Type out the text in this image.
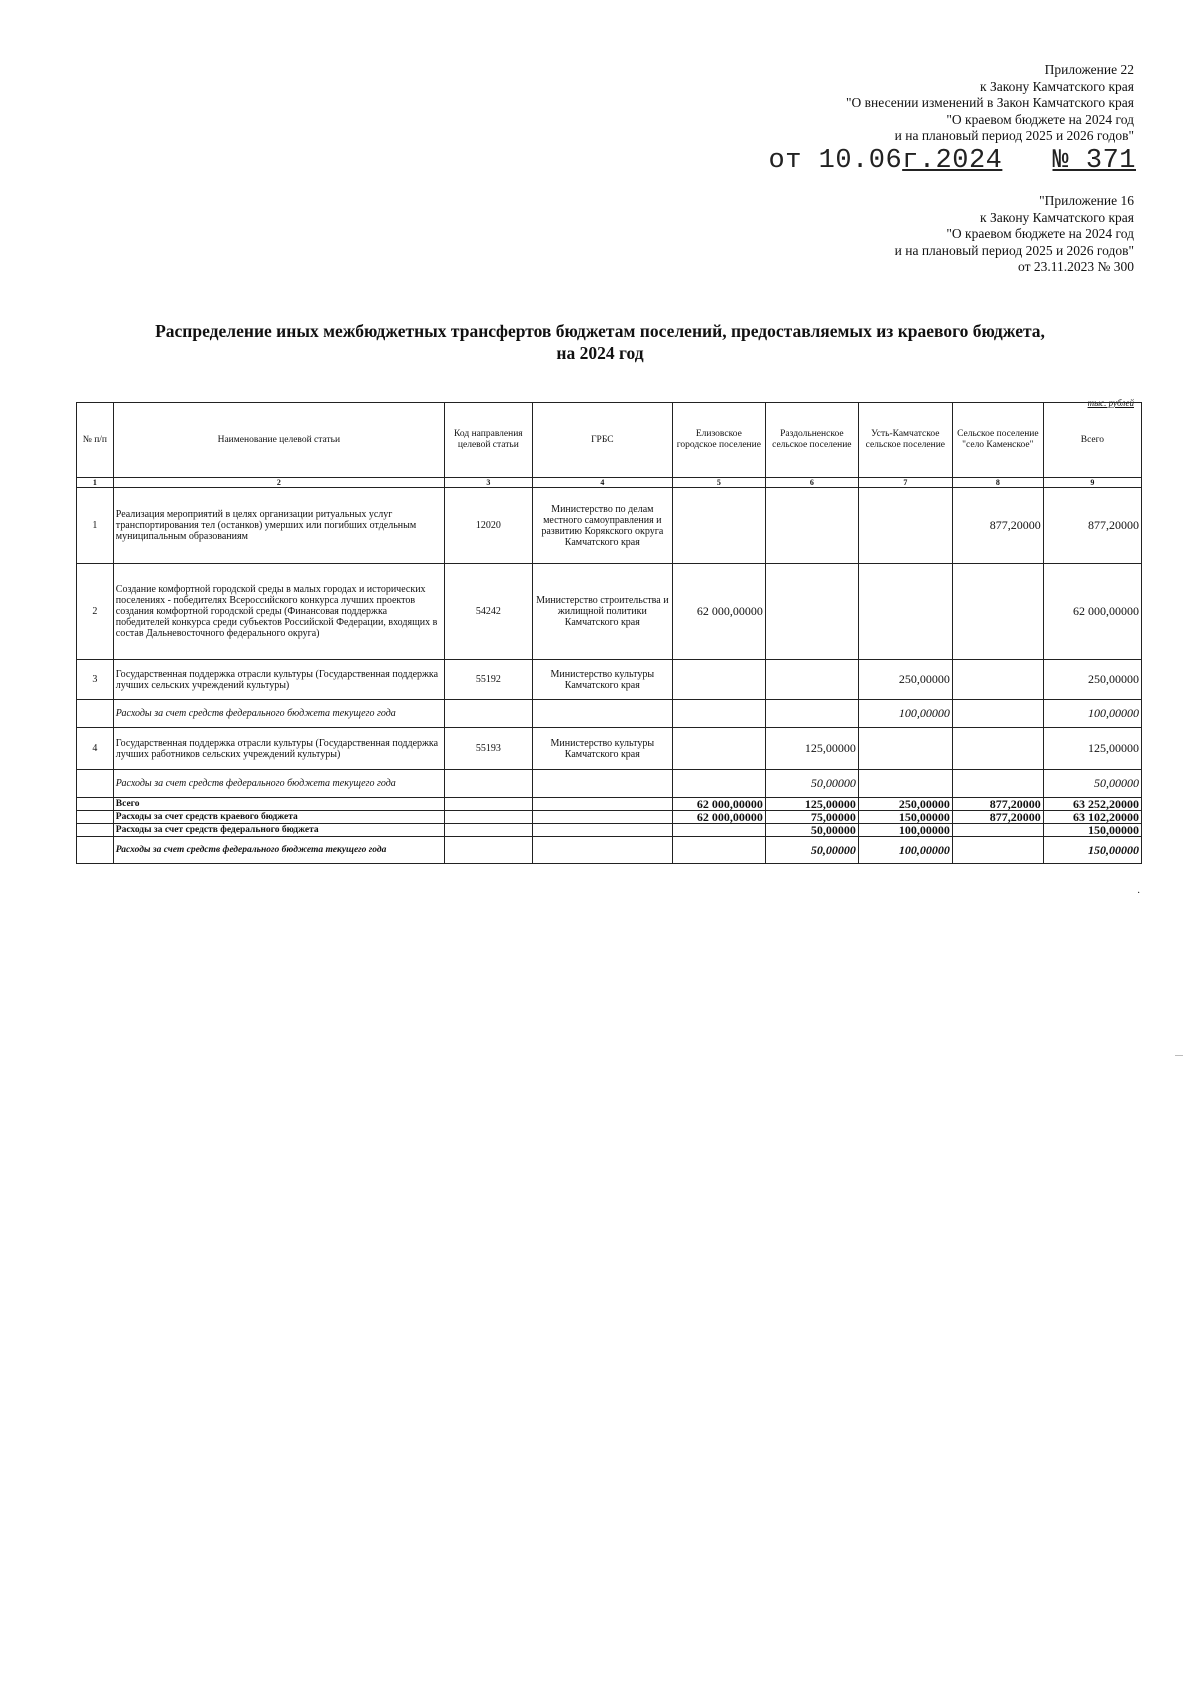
Приложение 22
к Закону Камчатского края
"О внесении изменений в Закон Камчатского края
"О краевом бюджете на 2024 год
и на плановый период 2025 и 2026 годов"
от 10.06г.2024 № 371
"Приложение 16
к Закону Камчатского края
"О краевом бюджете на 2024 год
и на плановый период 2025 и 2026 годов"
от 23.11.2023 № 300
Распределение иных межбюджетных трансфертов бюджетам поселений, предоставляемых из краевого бюджета,
на 2024 год
тыс. рублей
№ п/п	Наименование целевой статьи	Код направления целевой статьи	ГРБС	Елизовское городское поселение	Раздольненское сельское поселение	Усть-Камчатское сельское поселение	Сельское поселение "село Каменское"	Всего
1	2	3	4	5	6	7	8	9
1	Реализация мероприятий в целях организации ритуальных услуг транспортирования тел (останков) умерших или погибших отдельным муниципальным образованиям	12020	Министерство по делам местного самоуправления и развитию Корякского округа Камчатского края				877,20000	877,20000
2	Создание комфортной городской среды в малых городах и исторических поселениях - победителях Всероссийского конкурса лучших проектов создания комфортной городской среды (Финансовая поддержка победителей конкурса среди субъектов Российской Федерации, входящих в состав Дальневосточного федерального округа)	54242	Министерство строительства и жилищной политики Камчатского края	62 000,00000				62 000,00000
3	Государственная поддержка отрасли культуры (Государственная поддержка лучших сельских учреждений культуры)	55192	Министерство культуры Камчатского края			250,00000		250,00000
	Расходы за счет средств федерального бюджета текущего года					100,00000		100,00000
4	Государственная поддержка отрасли культуры (Государственная поддержка лучших работников сельских учреждений культуры)	55193	Министерство культуры Камчатского края		125,00000			125,00000
	Расходы за счет средств федерального бюджета текущего года				50,00000			50,00000
	Всего			62 000,00000	125,00000	250,00000	877,20000	63 252,20000
	Расходы за счет средств краевого бюджета			62 000,00000	75,00000	150,00000	877,20000	63 102,20000
	Расходы за счет средств федерального бюджета				50,00000	100,00000		150,00000
	Расходы за счет средств федерального бюджета текущего года				50,00000	100,00000		150,00000
·
